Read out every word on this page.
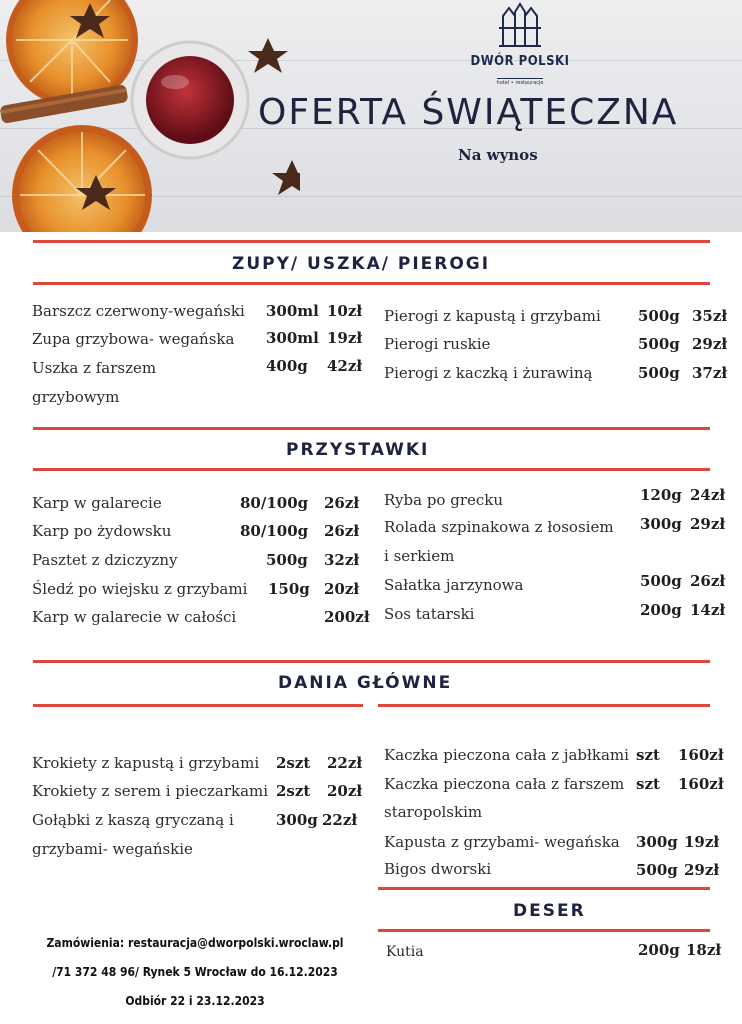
DWÓR POLSKI
hotel • restauracje
OFERTA ŚWIĄTECZNA
Na wynos
ZUPY/ USZKA/ PIEROGI
Barszcz czerwony-wegański 300ml 10zł
Zupa grzybowa- wegańska 300ml 19zł
Uszka z farszem
grzybowym
400g 42zł
Pierogi z kapustą i grzybami 500g 35zł
Pierogi ruskie	500g 29zł
Pierogi z kaczką i żurawiną	500g 37zł
PRZYSTAWKI
Karp w galarecie	80/100g 26zł
Karp po żydowsku	80/100g 26zł
Pasztet z dziczyzny	500g 32zł
Śledź po wiejsku z grzybami 150g 20zł
Karp w galarecie w całości	200zł
Ryba po grecku	120g 24zł
Rolada szpinakowa z łososiem
i serkiem
300g 29zł
Sałatka jarzynowa	500g 26zł
Sos tatarski	200g 14zł
DANIA GŁÓWNE
Krokiety z kapustą i grzybami 2szt 22zł
Krokiety z serem i pieczarkami 2szt 20zł
Gołąbki z kaszą gryczaną i
grzybami- wegańskie
300g 22zł
Kaczka pieczona cała z jabłkami szt 160zł
Kaczka pieczona cała z farszem
staropolskim
szt 160zł
Kapusta z grzybami- wegańska 300g 19zł
Bigos dworski	500g 29zł
DESER
Kutia	200g 18zł
Zamówienia: restauracja@dworpolski.wroclaw.pl
/71 372 48 96/ Rynek 5 Wrocław do 16.12.2023
Odbiór 22 i 23.12.2023
